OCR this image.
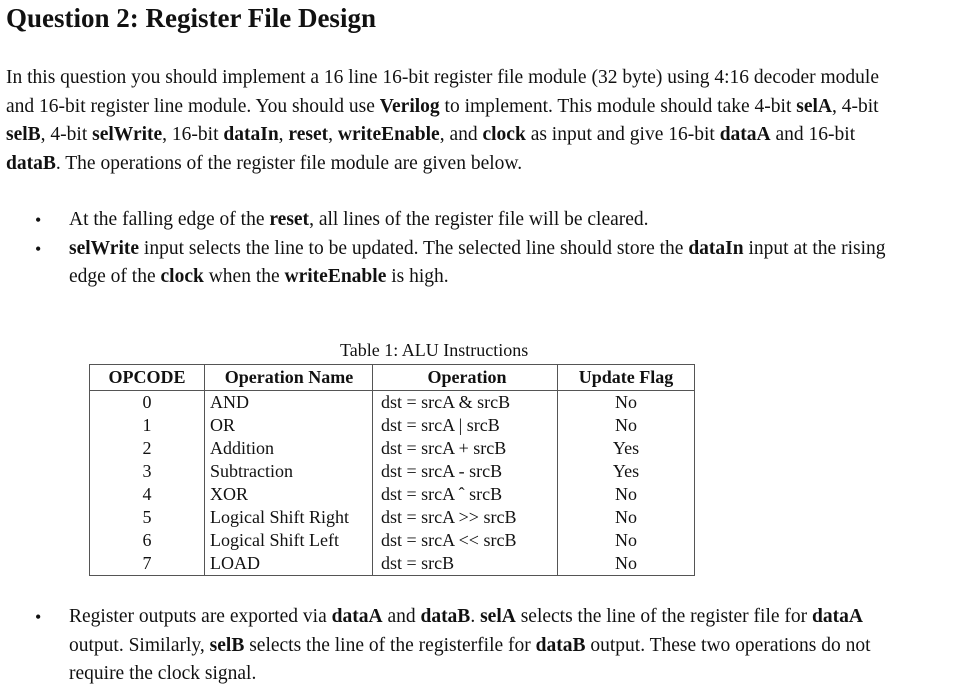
Question 2: Register File Design
In this question you should implement a 16 line 16-bit register file module (32 byte) using 4:16 decoder module
and 16-bit register line module. You should use Verilog to implement. This module should take 4-bit selA, 4-bit
selB, 4-bit selWrite, 16-bit dataIn, reset, writeEnable, and clock as input and give 16-bit dataA and 16-bit
dataB. The operations of the register file module are given below.
• At the falling edge of the reset, all lines of the register file will be cleared.
• selWrite input selects the line to be updated. The selected line should store the dataIn input at the rising
edge of the clock when the writeEnable is high.
Table 1: ALU Instructions
OPCODE	Operation Name	Operation	Update Flag
0	AND	dst = srcA & srcB	No
1	OR	dst = srcA | srcB	No
2	Addition	dst = srcA + srcB	Yes
3	Subtraction	dst = srcA - srcB	Yes
4	XOR	dst = srcA ˆ srcB	No
5	Logical Shift Right	dst = srcA >> srcB	No
6	Logical Shift Left	dst = srcA << srcB	No
7	LOAD	dst = srcB	No
• Register outputs are exported via dataA and dataB. selA selects the line of the register file for dataA
output. Similarly, selB selects the line of the registerfile for dataB output. These two operations do not
require the clock signal.
